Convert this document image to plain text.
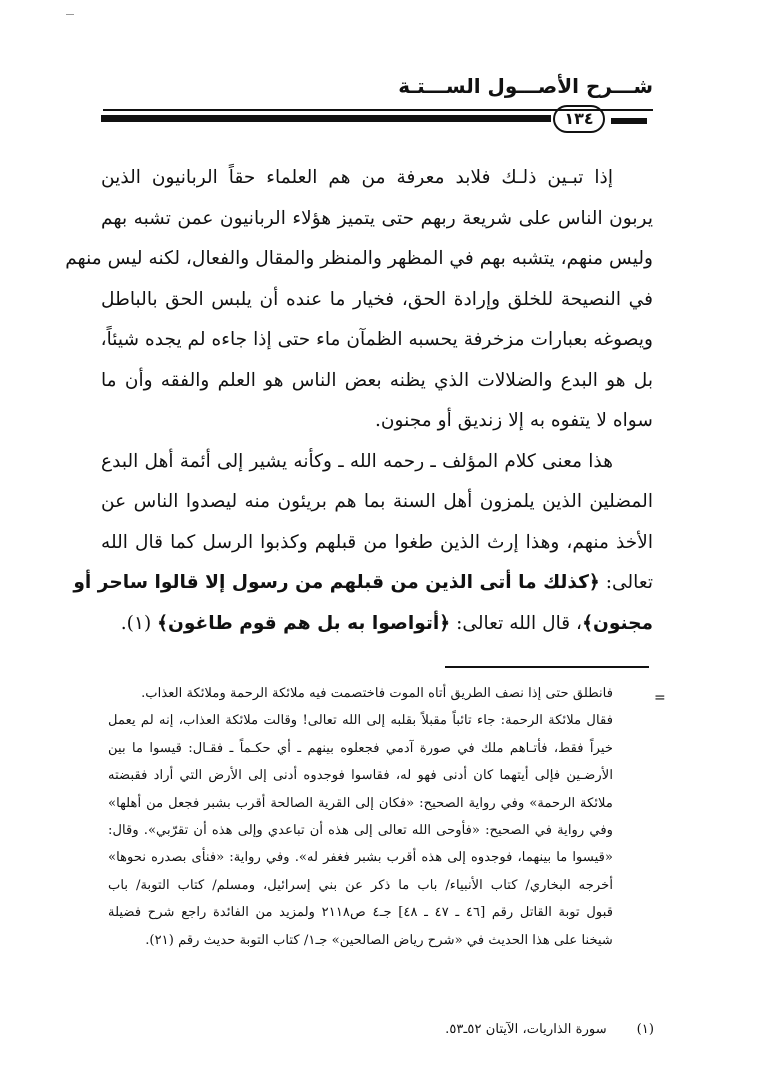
شـــرح الأصـــول الســـتـة
١٣٤
إذا تبـين ذلـك فلابد معرفة من هم العلماء حقاً الربانيون الذين
يربون الناس على شريعة ربهم حتى يتميز هؤلاء الربانيون عمن تشبه بهم
وليس منهم، يتشبه بهم في المظهر والمنظر والمقال والفعال، لكنه ليس منهم
في النصيحة للخلق وإرادة الحق، فخيار ما عنده أن يلبس الحق بالباطل
ويصوغه بعبارات مزخرفة يحسبه الظمآن ماء حتى إذا جاءه لم يجده شيئاً،
بل هو البدع والضلالات الذي يظنه بعض الناس هو العلم والفقه وأن ما
سواه لا يتفوه به إلا زنديق أو مجنون.
هذا معنى كلام المؤلف ـ رحمه الله ـ وكأنه يشير إلى أئمة أهل البدع
المضلين الذين يلمزون أهل السنة بما هم بريئون منه ليصدوا الناس عن
الأخذ منهم، وهذا إرث الذين طغوا من قبلهم وكذبوا الرسل كما قال الله
تعالى: ﴿كذلك ما أتى الذين من قبلهم من رسول إلا قالوا ساحر أو
مجنون﴾، قال الله تعالى: ﴿أتواصوا به بل هم قوم طاغون﴾ (١).
=
فانطلق حتى إذا نصف الطريق أتاه الموت فاختصمت فيه ملائكة الرحمة وملائكة العذاب.
فقال ملائكة الرحمة: جاء تائباً مقبلاً بقلبه إلى الله تعالى! وقالت ملائكة العذاب، إنه لم يعمل
خيراً فقط، فأتـاهم ملك في صورة آدمي فجعلوه بينهم ـ أي حكـماً ـ فقـال: قيسوا ما بين
الأرضـين فإلى أيتهما كان أدنى فهو له، فقاسوا فوجدوه أدنى إلى الأرض التي أراد فقبضته
ملائكة الرحمة» وفي رواية الصحيح: «فكان إلى القرية الصالحة أقرب بشبر فجعل من أهلها»
وفي رواية في الصحيح: «فأوحى الله تعالى إلى هذه أن تباعدي وإلى هذه أن تقرّبي». وقال:
«قيسوا ما بينهما، فوجدوه إلى هذه أقرب بشبر فغفر له». وفي رواية: «فنأى بصدره نحوها»
أخرجه البخاري/ كتاب الأنبياء/ باب ما ذكر عن بني إسرائيل، ومسلم/ كتاب التوبة/ باب
قبول توبة القاتل رقم [٤٦ ـ ٤٧ ـ ٤٨] جـ٤ ص٢١١٨ ولمزيد من الفائدة راجع شرح فضيلة
شيخنا على هذا الحديث في «شرح رياض الصالحين» جـ١/ كتاب التوبة حديث رقم (٢١).
(١) سورة الذاريات، الآيتان ٥٢ـ٥٣.
